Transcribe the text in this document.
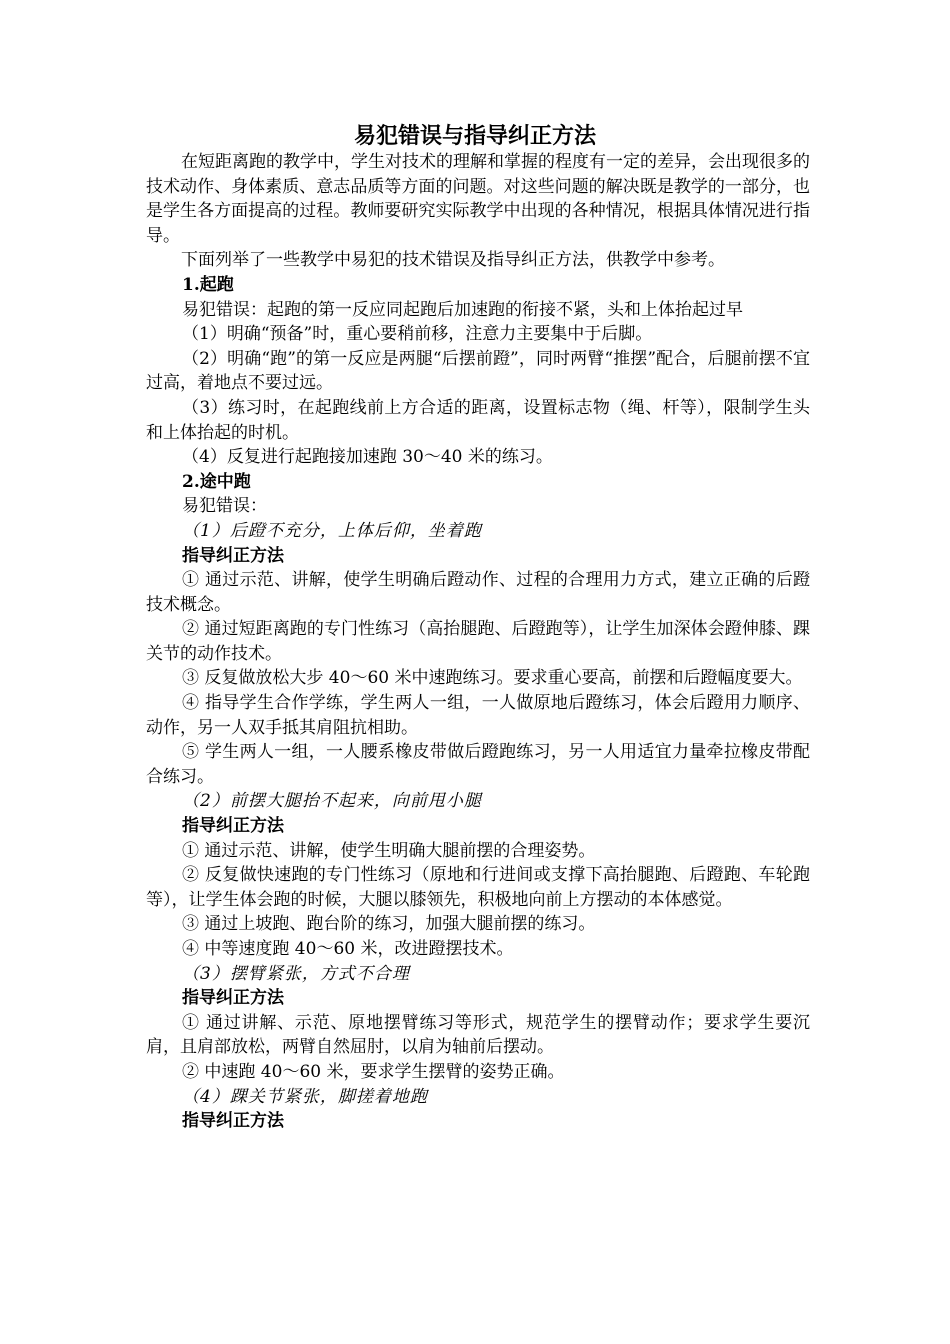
易犯错误与指导纠正方法

在短距离跑的教学中，学生对技术的理解和掌握的程度有一定的差异，会出现很多的技术动作、身体素质、意志品质等方面的问题。对这些问题的解决既是教学的一部分，也是学生各方面提高的过程。教师要研究实际教学中出现的各种情况，根据具体情况进行指导。

下面列举了一些教学中易犯的技术错误及指导纠正方法，供教学中参考。

1.起跑

易犯错误：起跑的第一反应同起跑后加速跑的衔接不紧，头和上体抬起过早

（1）明确“预备”时，重心要稍前移，注意力主要集中于后脚。

（2）明确“跑”的第一反应是两腿“后摆前蹬”，同时两臂“推摆”配合，后腿前摆不宜过高，着地点不要过远。

（3）练习时，在起跑线前上方合适的距离，设置标志物（绳、杆等），限制学生头和上体抬起的时机。

（4）反复进行起跑接加速跑 30～40 米的练习。

2.途中跑

易犯错误：

（1）后蹬不充分，上体后仰，坐着跑

指导纠正方法

① 通过示范、讲解，使学生明确后蹬动作、过程的合理用力方式，建立正确的后蹬技术概念。

② 通过短距离跑的专门性练习（高抬腿跑、后蹬跑等），让学生加深体会蹬伸膝、踝关节的动作技术。

③ 反复做放松大步 40～60 米中速跑练习。要求重心要高，前摆和后蹬幅度要大。

④ 指导学生合作学练，学生两人一组，一人做原地后蹬练习，体会后蹬用力顺序、动作，另一人双手抵其肩阻抗相助。

⑤ 学生两人一组，一人腰系橡皮带做后蹬跑练习，另一人用适宜力量牵拉橡皮带配合练习。

（2）前摆大腿抬不起来，向前甩小腿

指导纠正方法

① 通过示范、讲解，使学生明确大腿前摆的合理姿势。

② 反复做快速跑的专门性练习（原地和行进间或支撑下高抬腿跑、后蹬跑、车轮跑等），让学生体会跑的时候，大腿以膝领先，积极地向前上方摆动的本体感觉。

③ 通过上坡跑、跑台阶的练习，加强大腿前摆的练习。

④ 中等速度跑 40～60 米，改进蹬摆技术。

（3）摆臂紧张，方式不合理

指导纠正方法

① 通过讲解、示范、原地摆臂练习等形式，规范学生的摆臂动作；要求学生要沉肩，且肩部放松，两臂自然屈肘，以肩为轴前后摆动。

② 中速跑 40～60 米，要求学生摆臂的姿势正确。

（4）踝关节紧张，脚搓着地跑

指导纠正方法
